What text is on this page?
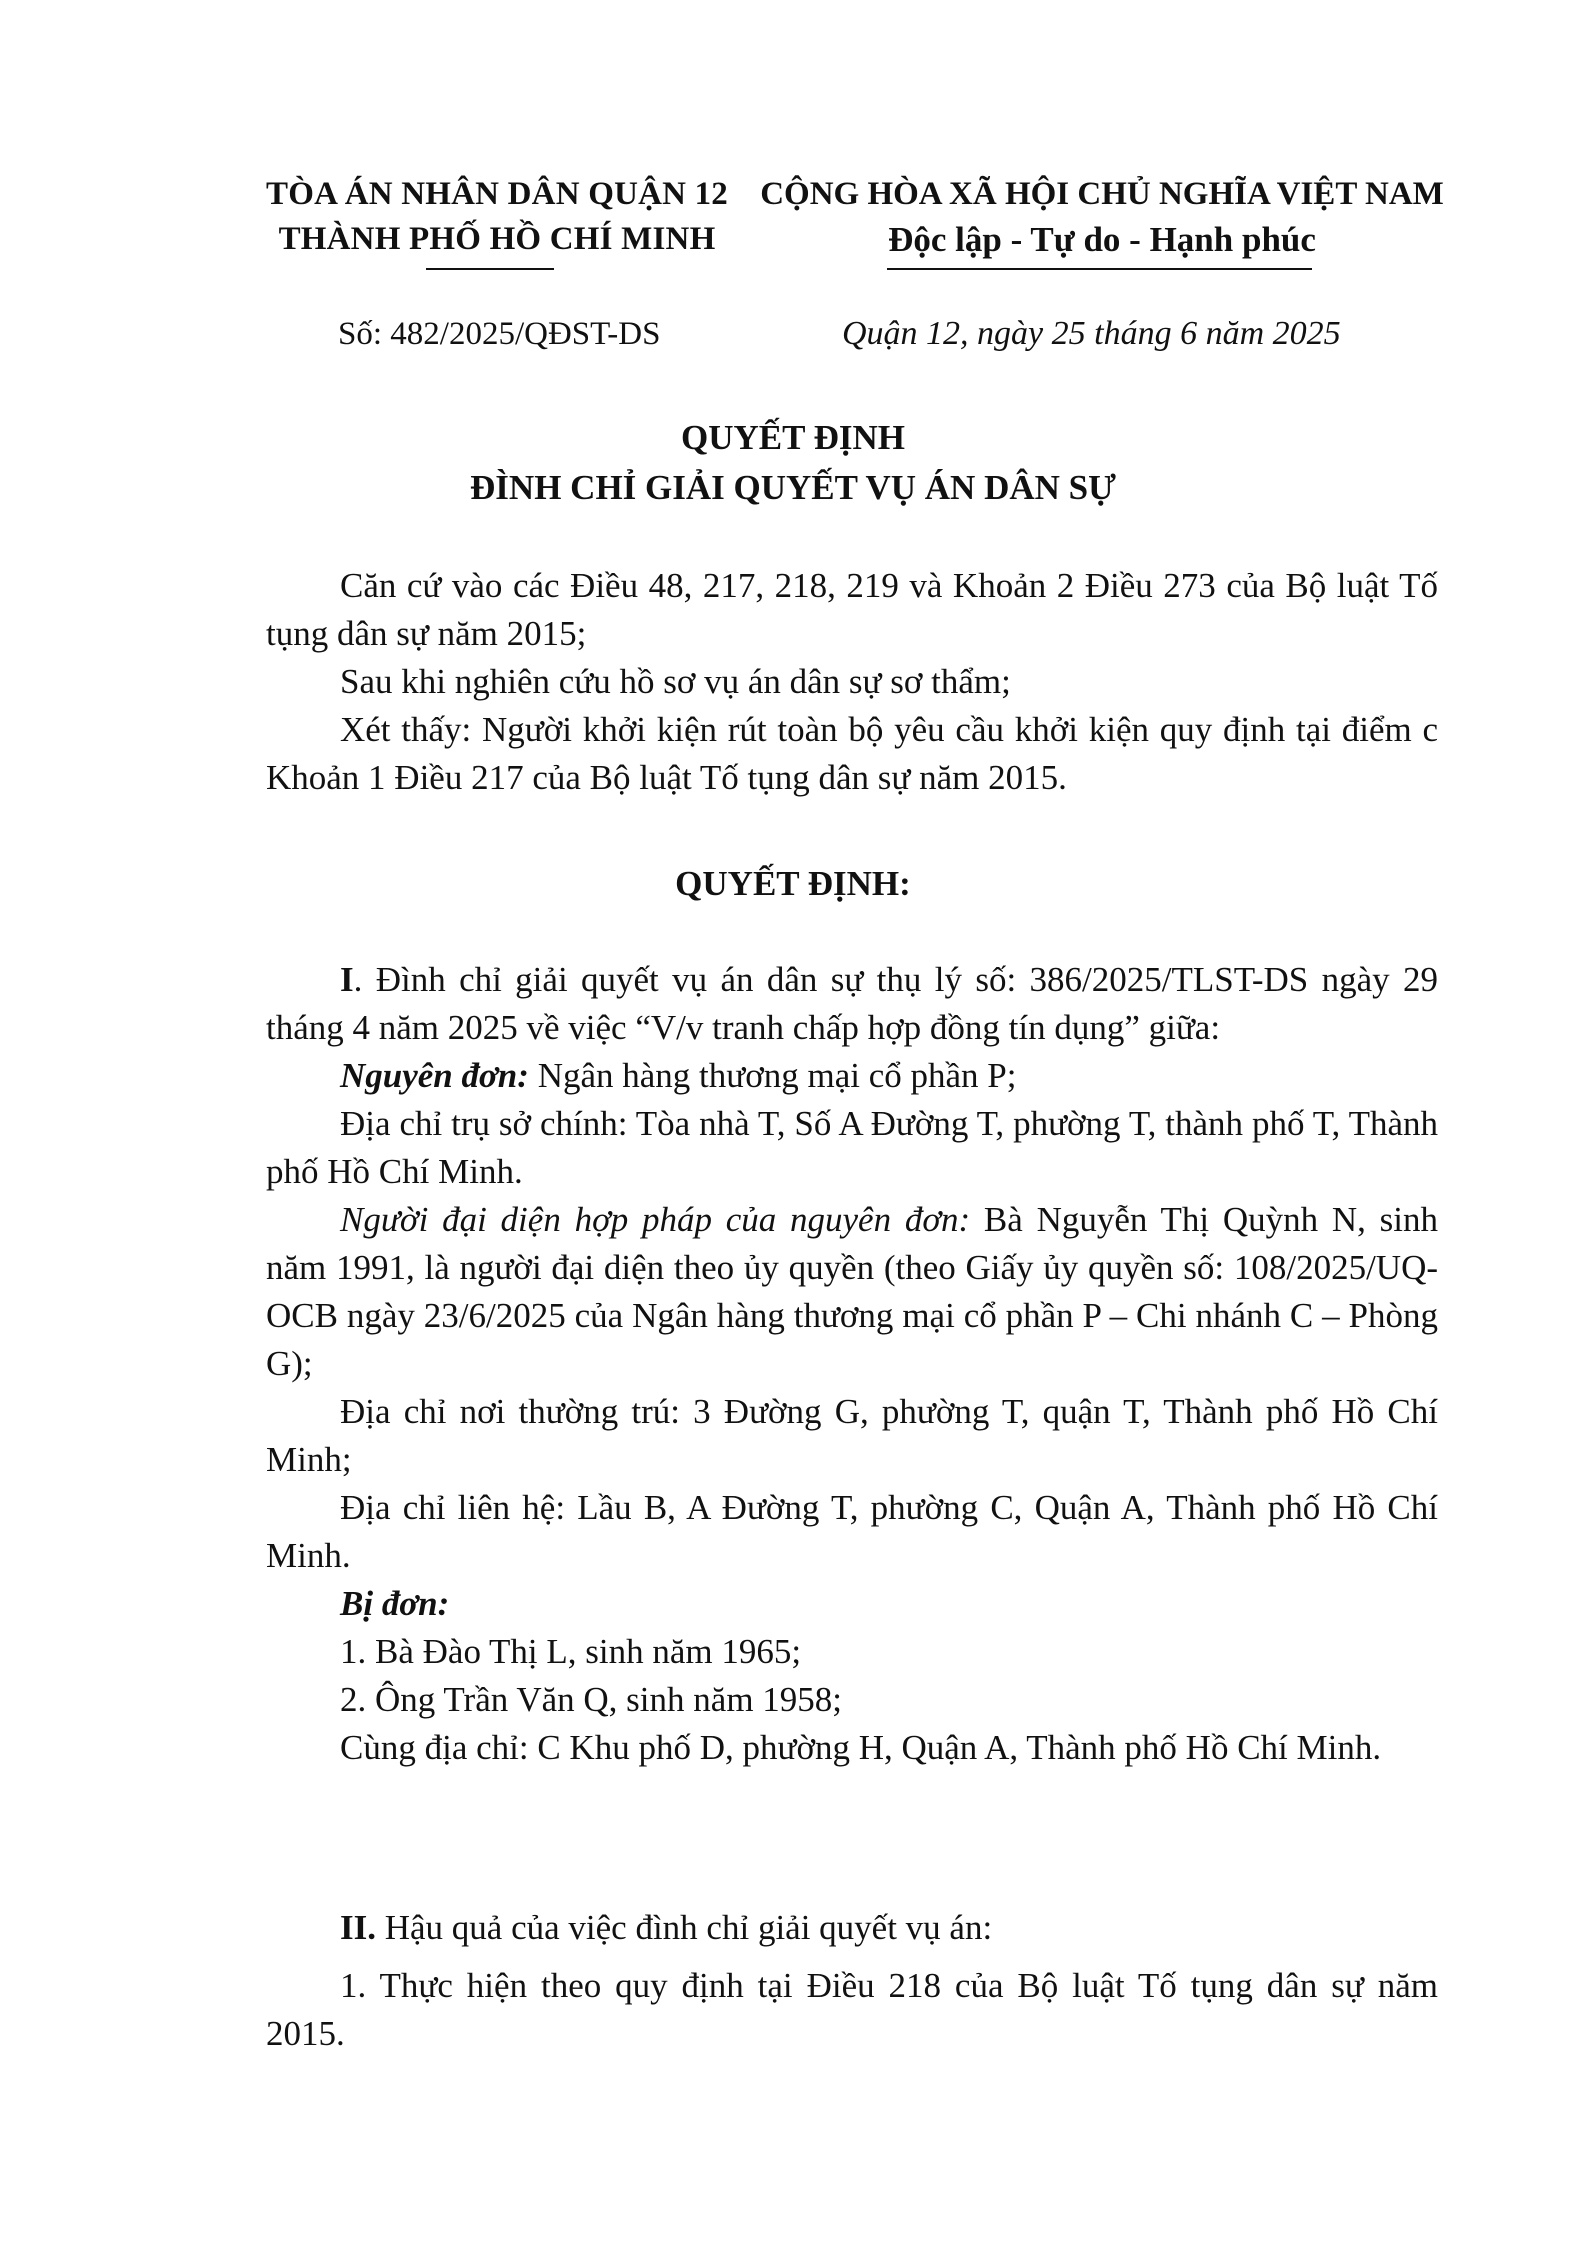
TÒA ÁN NHÂN DÂN QUẬN 12
THÀNH PHỐ HỒ CHÍ MINH
CỘNG HÒA XÃ HỘI CHỦ NGHĨA VIỆT NAM
Độc lập - Tự do - Hạnh phúc
Số: 482/2025/QĐST-DS	Quận 12, ngày 25 tháng 6 năm 2025
QUYẾT ĐỊNH
ĐÌNH CHỈ GIẢI QUYẾT VỤ ÁN DÂN SỰ

Căn cứ vào các Điều 48, 217, 218, 219 và Khoản 2 Điều 273 của Bộ luật Tố tụng dân sự năm 2015;

Sau khi nghiên cứu hồ sơ vụ án dân sự sơ thẩm;

Xét thấy: Người khởi kiện rút toàn bộ yêu cầu khởi kiện quy định tại điểm c Khoản 1 Điều 217 của Bộ luật Tố tụng dân sự năm 2015.

QUYẾT ĐỊNH:

I. Đình chỉ giải quyết vụ án dân sự thụ lý số: 386/2025/TLST-DS ngày 29 tháng 4 năm 2025 về việc “V/v tranh chấp hợp đồng tín dụng” giữa:

Nguyên đơn: Ngân hàng thương mại cổ phần P;

Địa chỉ trụ sở chính: Tòa nhà T, Số A Đường T, phường T, thành phố T, Thành phố Hồ Chí Minh.

Người đại diện hợp pháp của nguyên đơn: Bà Nguyễn Thị Quỳnh N, sinh năm 1991, là người đại diện theo ủy quyền (theo Giấy ủy quyền số: 108/2025/UQ-OCB ngày 23/6/2025 của Ngân hàng thương mại cổ phần P – Chi nhánh C – Phòng G);

Địa chỉ nơi thường trú: 3 Đường G, phường T, quận T, Thành phố Hồ Chí Minh;

Địa chỉ liên hệ: Lầu B, A Đường T, phường C, Quận A, Thành phố Hồ Chí Minh.

Bị đơn:

1. Bà Đào Thị L, sinh năm 1965;

2. Ông Trần Văn Q, sinh năm 1958;

Cùng địa chỉ: C Khu phố D, phường H, Quận A, Thành phố Hồ Chí Minh.

II. Hậu quả của việc đình chỉ giải quyết vụ án:

1. Thực hiện theo quy định tại Điều 218 của Bộ luật Tố tụng dân sự năm 2015.
